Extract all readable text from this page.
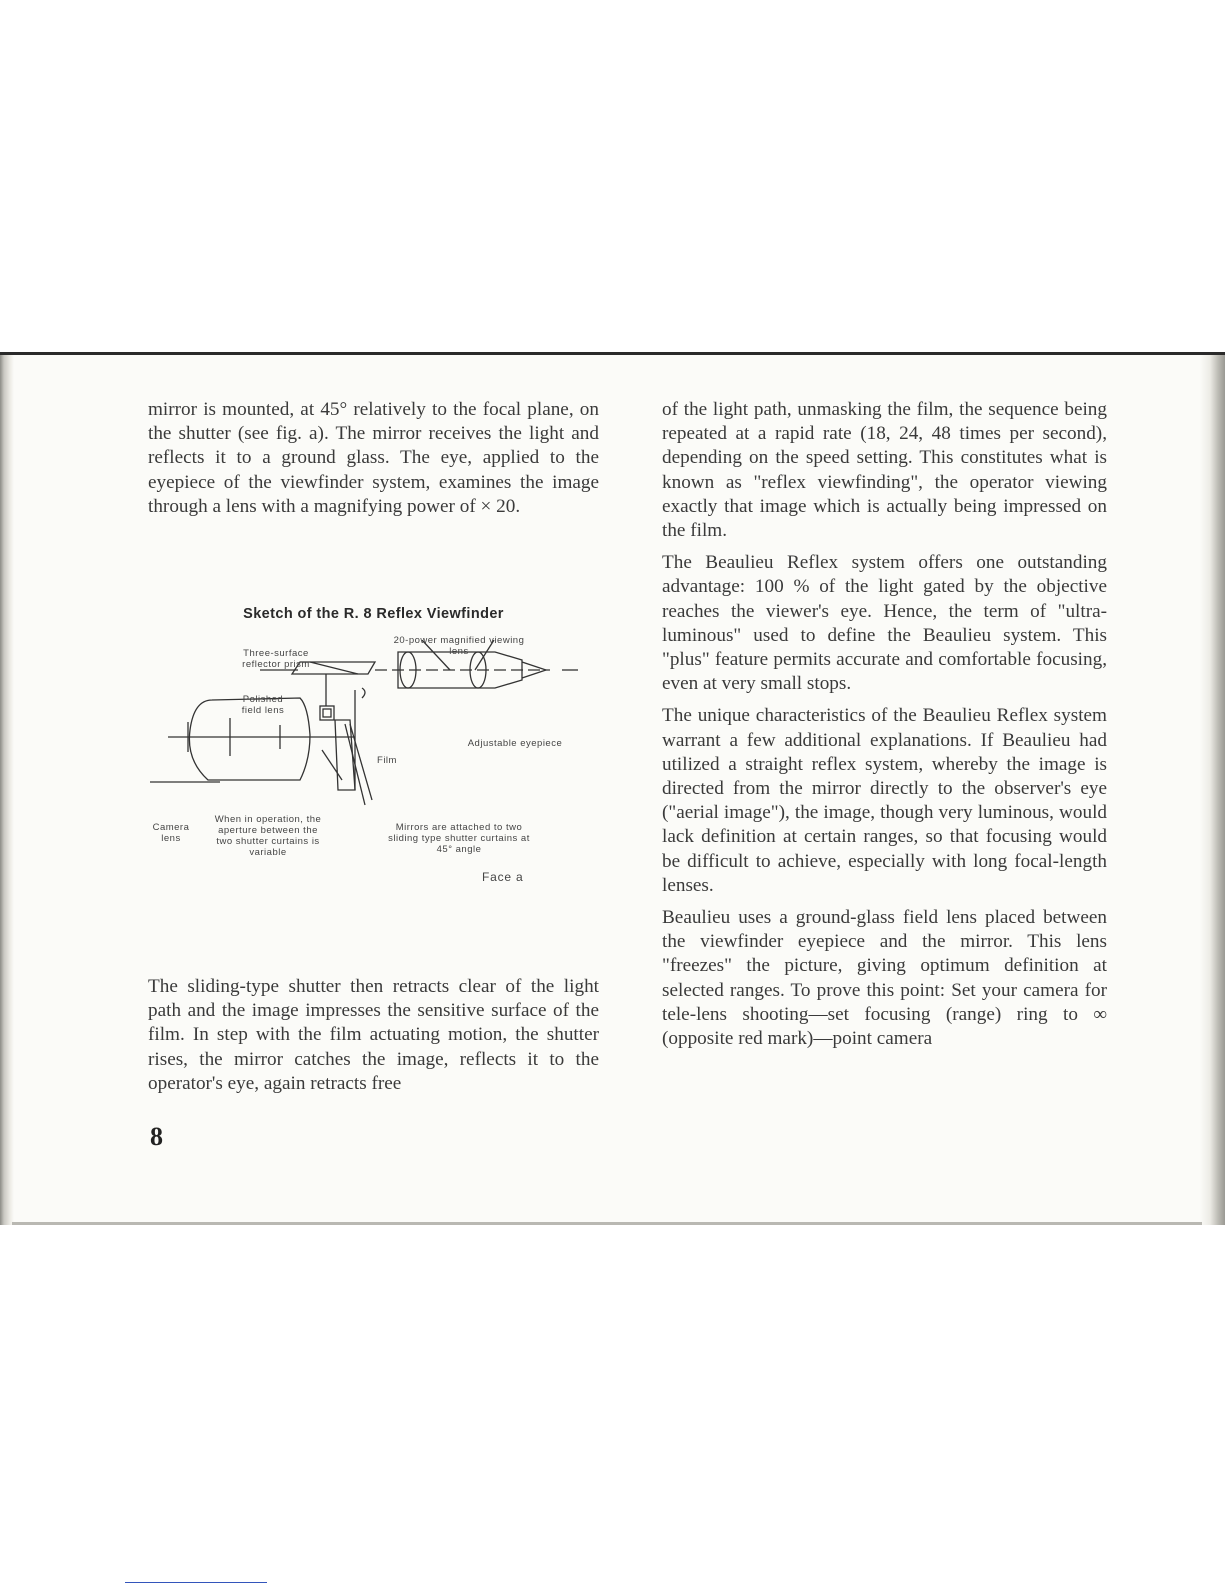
mirror is mounted, at 45° relatively to the focal plane, on the shutter (see fig. a). The mirror receives the light and reflects it to a ground glass. The eye, applied to the eyepiece of the viewfinder system, examines the image through a lens with a magnifying power of × 20.

Sketch of the R. 8 Reflex Viewfinder
Three-surface reflector prism
20-power magnified viewing lens
Polished field lens
Adjustable eyepiece
Film
Camera lens
When in operation, the aperture between the two shutter curtains is variable
Mirrors are attached to two sliding type shutter curtains at 45° angle
Face a

The sliding-type shutter then retracts clear of the light path and the image impresses the sensitive surface of the film. In step with the film actuating motion, the shutter rises, the mirror catches the image, reflects it to the operator's eye, again retracts free

of the light path, unmasking the film, the sequence being repeated at a rapid rate (18, 24, 48 times per second), depending on the speed setting. This constitutes what is known as "reflex viewfinding", the operator viewing exactly that image which is actually being impressed on the film.

The Beaulieu Reflex system offers one outstanding advantage: 100 % of the light gated by the objective reaches the viewer's eye. Hence, the term of "ultra-luminous" used to define the Beaulieu system. This "plus" feature permits accurate and comfortable focusing, even at very small stops.

The unique characteristics of the Beaulieu Reflex system warrant a few additional explanations. If Beaulieu had utilized a straight reflex system, whereby the image is directed from the mirror directly to the observer's eye ("aerial image"), the image, though very luminous, would lack definition at certain ranges, so that focusing would be difficult to achieve, especially with long focal-length lenses.

Beaulieu uses a ground-glass field lens placed between the viewfinder eyepiece and the mirror. This lens "freezes" the picture, giving optimum definition at selected ranges. To prove this point: Set your camera for tele-lens shooting—set focusing (range) ring to ∞ (opposite red mark)—point camera

8
